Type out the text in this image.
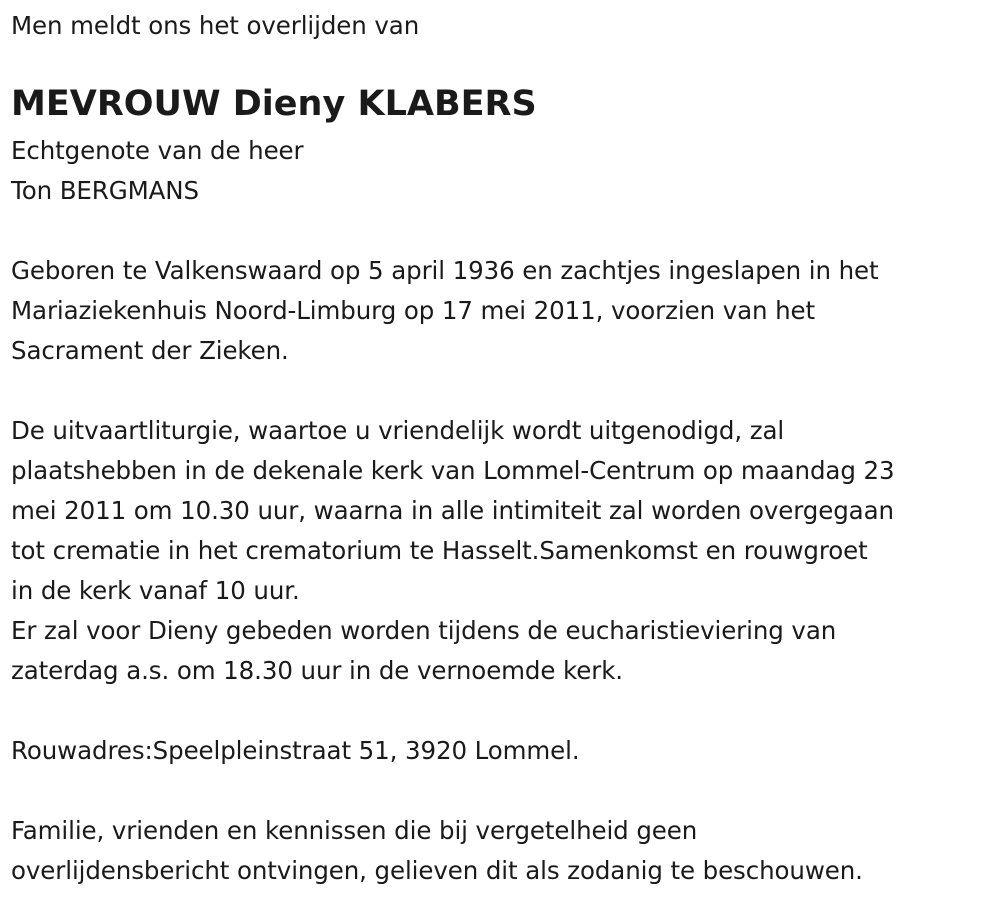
Men meldt ons het overlijden van
MEVROUW Dieny KLABERS
Echtgenote van de heer
Ton BERGMANS
Geboren te Valkenswaard op 5 april 1936 en zachtjes ingeslapen in het
Mariaziekenhuis Noord-Limburg op 17 mei 2011, voorzien van het
Sacrament der Zieken.
De uitvaartliturgie, waartoe u vriendelijk wordt uitgenodigd, zal
plaatshebben in de dekenale kerk van Lommel-Centrum op maandag 23
mei 2011 om 10.30 uur, waarna in alle intimiteit zal worden overgegaan
tot crematie in het crematorium te Hasselt.Samenkomst en rouwgroet
in de kerk vanaf 10 uur.
Er zal voor Dieny gebeden worden tijdens de eucharistieviering van
zaterdag a.s. om 18.30 uur in de vernoemde kerk.
Rouwadres:Speelpleinstraat 51, 3920 Lommel.
Familie, vrienden en kennissen die bij vergetelheid geen
overlijdensbericht ontvingen, gelieven dit als zodanig te beschouwen.
